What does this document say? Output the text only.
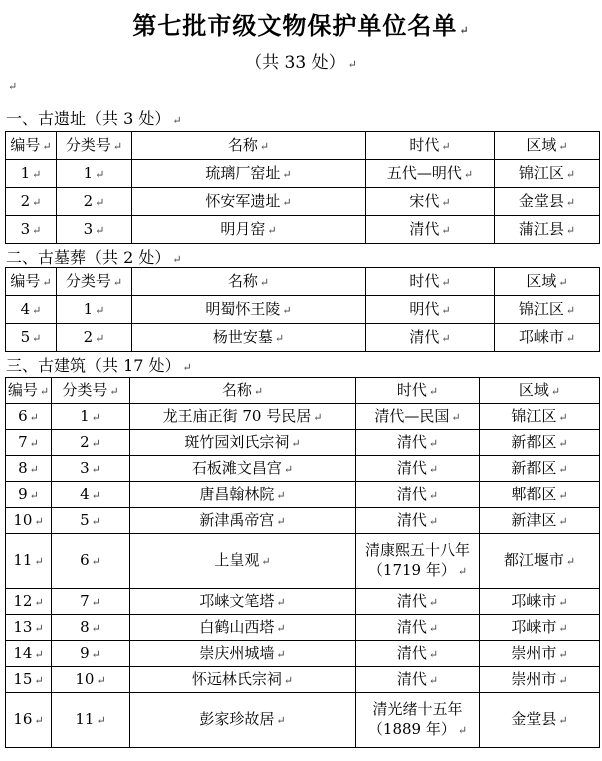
第七批市级文物保护单位名单 ↵
（共 33 处） ↵
↵
一、古遗址（共 3 处） ↵
编号 ↵	分类号 ↵	名称 ↵	时代 ↵	区域 ↵
1 ↵	1 ↵	琉璃厂窑址 ↵	五代—明代 ↵	锦江区 ↵
2 ↵	2 ↵	怀安军遗址 ↵	宋代 ↵	金堂县 ↵
3 ↵	3 ↵	明月窑 ↵	清代 ↵	蒲江县 ↵
二、古墓葬（共 2 处） ↵
编号 ↵	分类号 ↵	名称 ↵	时代 ↵	区域 ↵
4 ↵	1 ↵	明蜀怀王陵 ↵	明代 ↵	锦江区 ↵
5 ↵	2 ↵	杨世安墓 ↵	清代 ↵	邛崃市 ↵
三、古建筑（共 17 处） ↵
编号 ↵	分类号 ↵	名称 ↵	时代 ↵	区域 ↵
6 ↵	1 ↵	龙王庙正街 70 号民居 ↵	清代—民国 ↵	锦江区 ↵
7 ↵	2 ↵	斑竹园刘氏宗祠 ↵	清代 ↵	新都区 ↵
8 ↵	3 ↵	石板滩文昌宫 ↵	清代 ↵	新都区 ↵
9 ↵	4 ↵	唐昌翰林院 ↵	清代 ↵	郫都区 ↵
10 ↵	5 ↵	新津禹帝宫 ↵	清代 ↵	新津区 ↵
11 ↵	6 ↵	上皇观 ↵	清康熙五十八年（1719 年） ↵	都江堰市 ↵
12 ↵	7 ↵	邛崃文笔塔 ↵	清代 ↵	邛崃市 ↵
13 ↵	8 ↵	白鹤山西塔 ↵	清代 ↵	邛崃市 ↵
14 ↵	9 ↵	崇庆州城墙 ↵	清代 ↵	崇州市 ↵
15 ↵	10 ↵	怀远林氏宗祠 ↵	清代 ↵	崇州市 ↵
16 ↵	11 ↵	彭家珍故居 ↵	清光绪十五年（1889 年） ↵	金堂县 ↵
